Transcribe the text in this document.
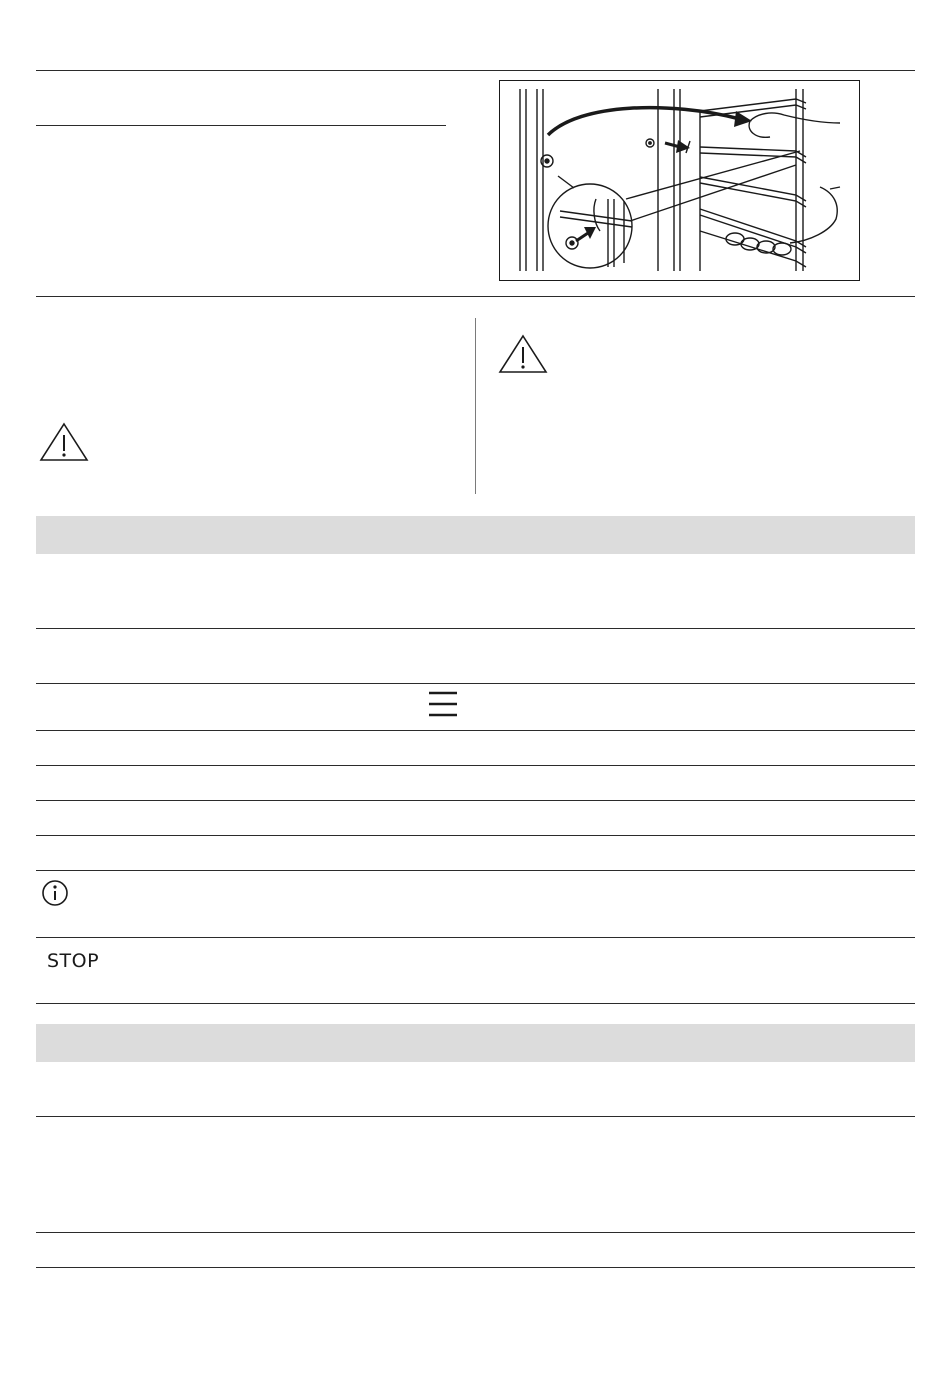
STOP
